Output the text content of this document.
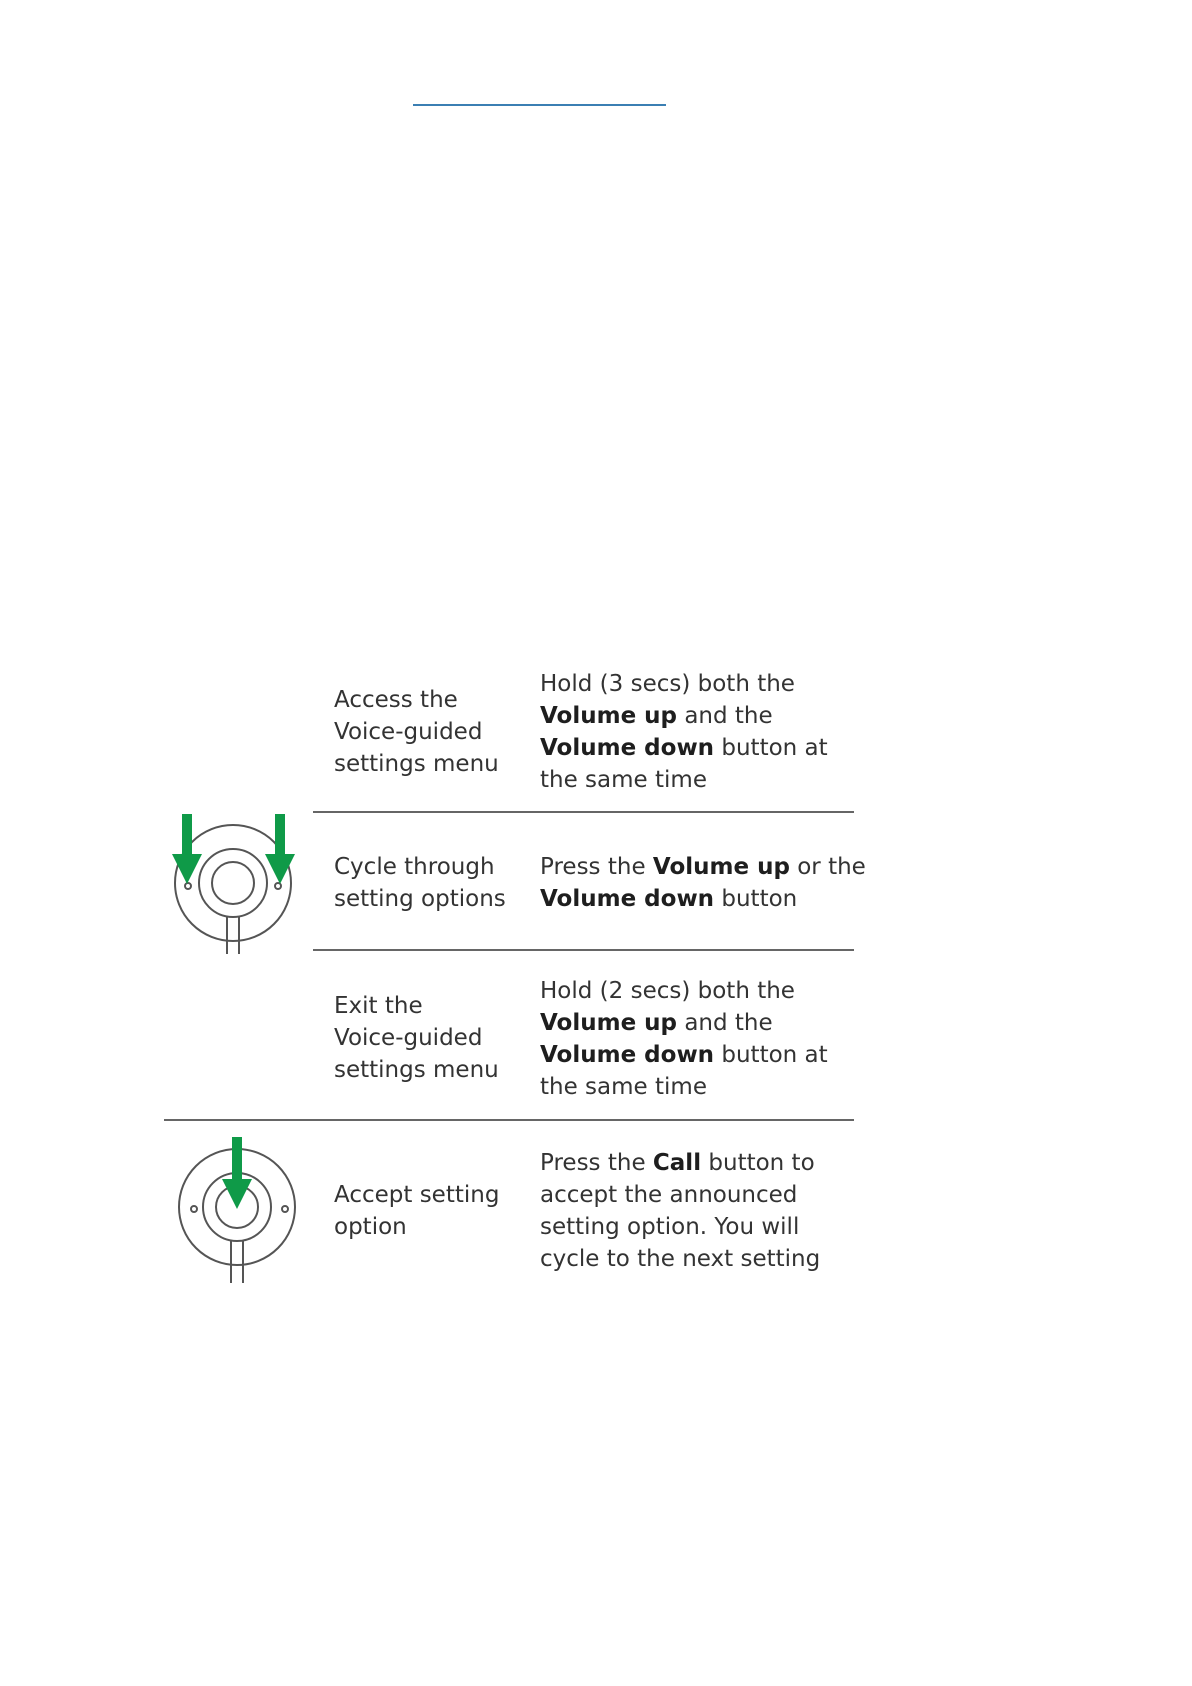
Access the
Voice-guided
settings menu
Hold (3 secs) both the
Volume up and the
Volume down button at
the same time
Cycle through
setting options
Press the Volume up or the
Volume down button
Exit the
Voice-guided
settings menu
Hold (2 secs) both the
Volume up and the
Volume down button at
the same time
Accept setting
option
Press the Call button to
accept the announced
setting option. You will
cycle to the next setting
